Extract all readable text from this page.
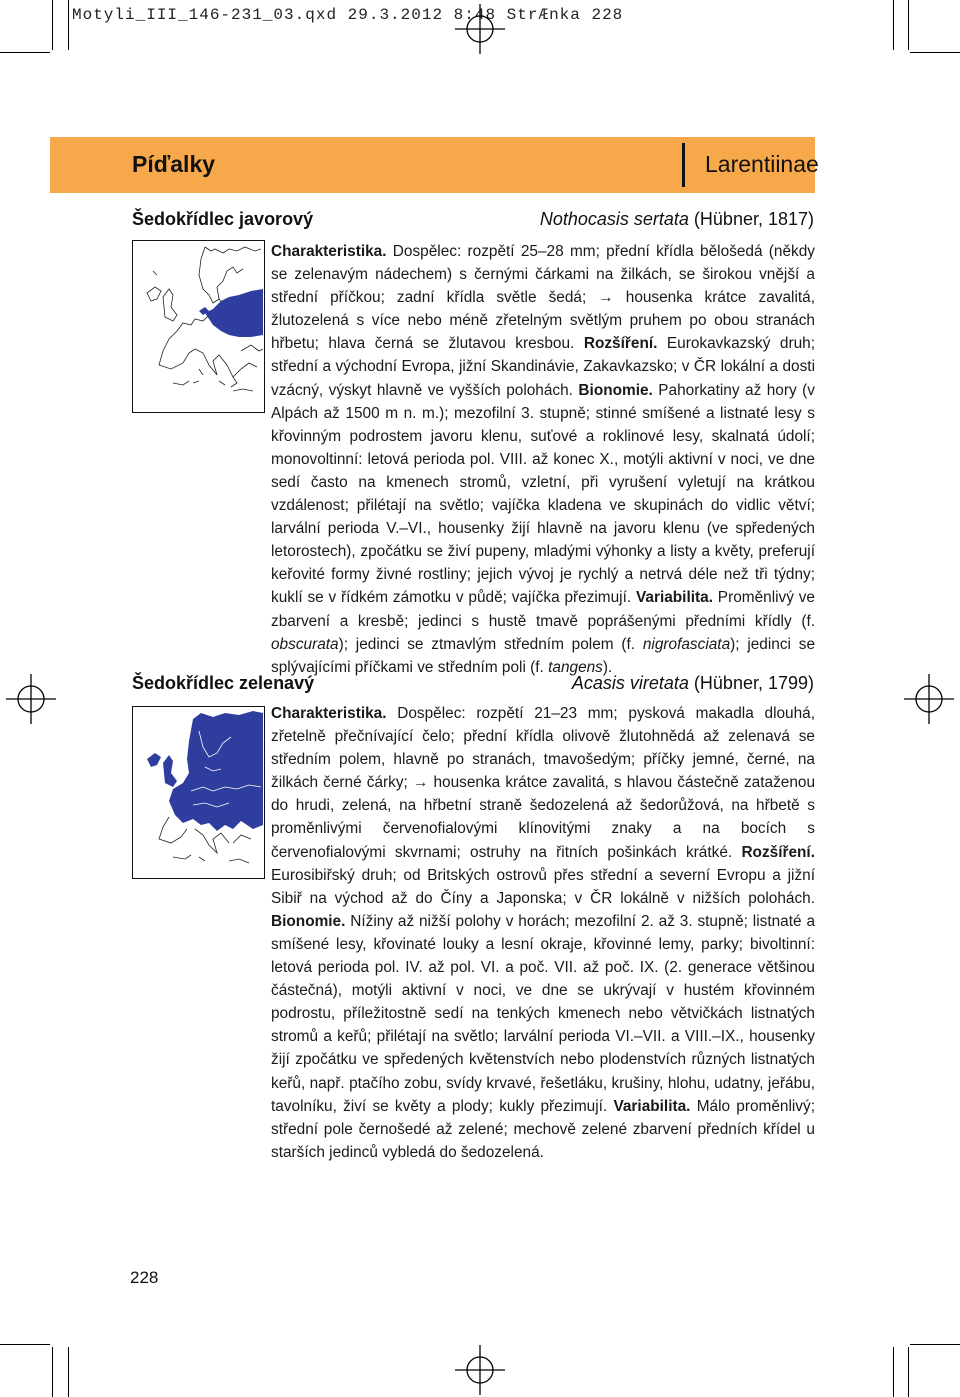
Motyli_III_146-231_03.qxd 29.3.2012 8:48 StrÆnka 228
Píďalky	Larentiinae
Šedokřídlec javorový	Nothocasis sertata (Hübner, 1817)
Charakteristika. Dospělec: rozpětí 25–28 mm; přední křídla bělošedá (někdy se zelenavým nádechem) s černými čárkami na žilkách, se širokou vnější a střední příčkou; zadní křídla světle šedá; → housenka krátce zavalitá, žlutozelená s více nebo méně zřetelným světlým pruhem po obou stranách hřbetu; hlava černá se žlutavou kresbou. Rozšíření. Eurokavkazský druh; střední a východní Evropa, jižní Skandinávie, Zakavkazsko; v ČR lokální a dosti vzácný, výskyt hlavně ve vyšších polohách. Bionomie. Pahorkatiny až hory (v Alpách až 1500 m n. m.); mezofilní 3. stupně; stinné smíšené a listnaté lesy s křovinným podrostem javoru klenu, suťové a roklinové lesy, skalnatá údolí; monovoltinní: letová perioda pol. VIII. až konec X., motýli aktivní v noci, ve dne sedí často na kmenech stromů, vzletní, při vyrušení vyletují na krátkou vzdálenost; přilétají na světlo; vajíčka kladena ve skupinách do vidlic větví; larvální perioda V.–VI., housenky žijí hlavně na javoru klenu (ve spředených letorostech), zpočátku se živí pupeny, mladými výhonky a listy a květy, preferují keřovité formy živné rostliny; jejich vývoj je rychlý a netrvá déle než tři týdny; kuklí se v řídkém zámotku v půdě; vajíčka přezimují. Variabilita. Proměnlivý ve zbarvení a kresbě; jedinci s hustě tmavě poprášenými předními křídly (f. obscurata); jedinci se ztmavlým středním polem (f. nigrofasciata); jedinci se splývajícími příčkami ve středním poli (f. tangens).
Šedokřídlec zelenavý	Acasis viretata (Hübner, 1799)
Charakteristika. Dospělec: rozpětí 21–23 mm; pysková makadla dlouhá, zřetelně přečnívající čelo; přední křídla olivově žlutohnědá až zelenavá se středním polem, hlavně po stranách, tmavošedým; příčky jemné, černé, na žilkách černé čárky; → housenka krátce zavalitá, s hlavou částečně zataženou do hrudi, zelená, na hřbetní straně šedozelená až šedorůžová, na hřbetě s proměnlivými červenofialovými klínovitými znaky a na bocích s červenofialovými skvrnami; ostruhy na řitních pošinkách krátké. Rozšíření. Eurosibiřský druh; od Britských ostrovů přes střední a severní Evropu a jižní Sibiř na východ až do Číny a Japonska; v ČR lokálně v nižších polohách. Bionomie. Nížiny až nižší polohy v horách; mezofilní 2. až 3. stupně; listnaté a smíšené lesy, křovinaté louky a lesní okraje, křovinné lemy, parky; bivoltinní: letová perioda pol. IV. až pol. VI. a poč. VII. až poč. IX. (2. generace většinou částečná), motýli aktivní v noci, ve dne se ukrývají v hustém křovinném podrostu, příležitostně sedí na tenkých kmenech nebo větvičkách listnatých stromů a keřů; přilétají na světlo; larvální perioda VI.–VII. a VIII.–IX., housenky žijí zpočátku ve spředených květenstvích nebo plodenstvích různých listnatých keřů, např. ptačího zobu, svídy krvavé, řešetláku, krušiny, hlohu, udatny, jeřábu, tavolníku, živí se květy a plody; kukly přezimují. Variabilita. Málo proměnlivý; střední pole černošedé až zelené; mechově zelené zbarvení předních křídel u starších jedinců vybledá do šedozelená.
228
